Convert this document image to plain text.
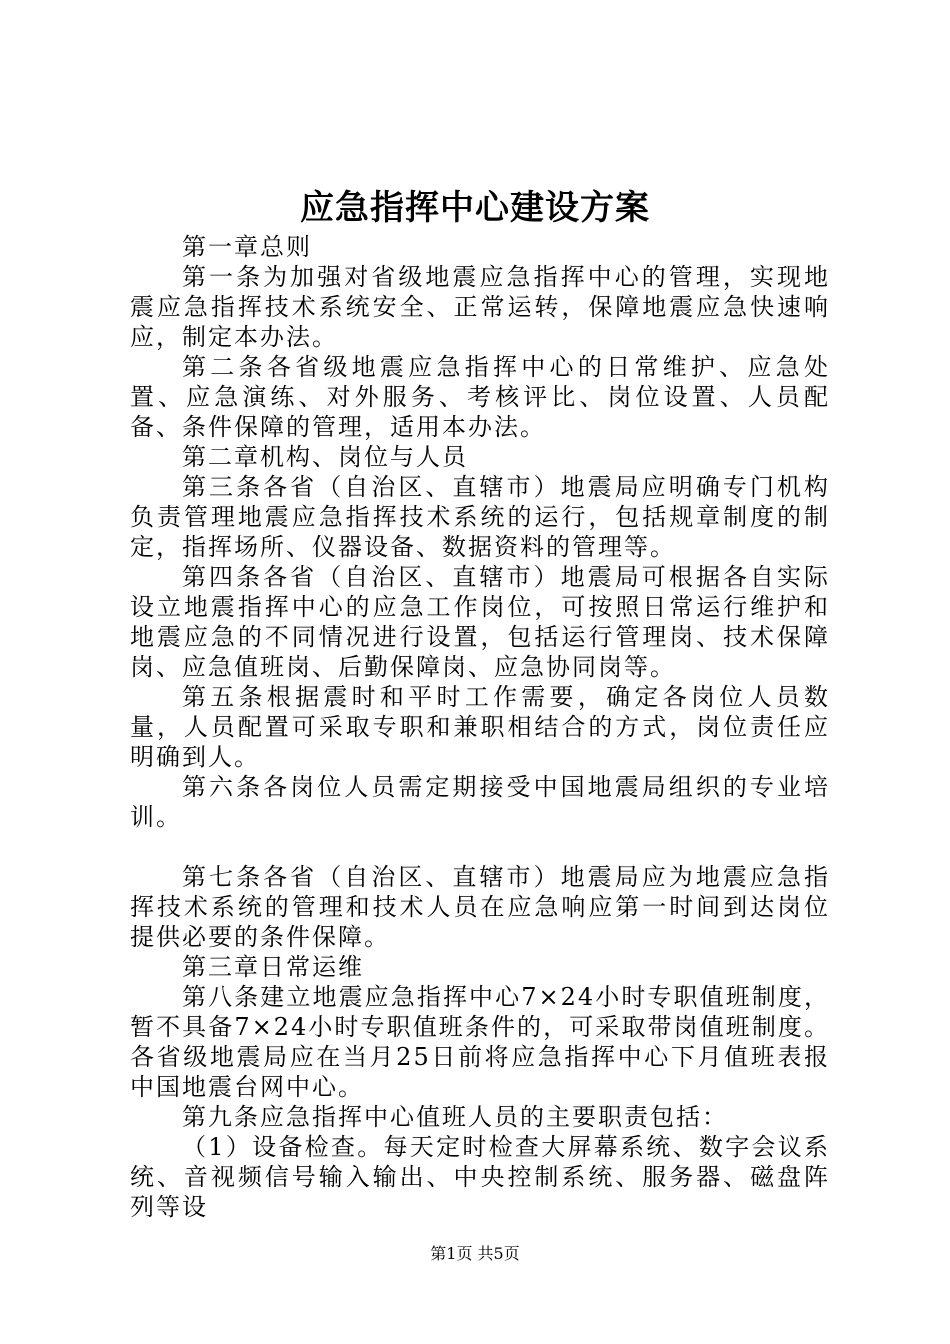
应急指挥中心建设方案

第一章总则

第一条为加强对省级地震应急指挥中心的管理，实现地震应急指挥技术系统安全、正常运转，保障地震应急快速响应，制定本办法。

第二条各省级地震应急指挥中心的日常维护、应急处置、应急演练、对外服务、考核评比、岗位设置、人员配备、条件保障的管理，适用本办法。

第二章机构、岗位与人员

第三条各省（自治区、直辖市）地震局应明确专门机构负责管理地震应急指挥技术系统的运行，包括规章制度的制定，指挥场所、仪器设备、数据资料的管理等。

第四条各省（自治区、直辖市）地震局可根据各自实际设立地震指挥中心的应急工作岗位，可按照日常运行维护和地震应急的不同情况进行设置，包括运行管理岗、技术保障岗、应急值班岗、后勤保障岗、应急协同岗等。

第五条根据震时和平时工作需要，确定各岗位人员数量，人员配置可采取专职和兼职相结合的方式，岗位责任应明确到人。

第六条各岗位人员需定期接受中国地震局组织的专业培训。

第七条各省（自治区、直辖市）地震局应为地震应急指挥技术系统的管理和技术人员在应急响应第一时间到达岗位提供必要的条件保障。

第三章日常运维

第八条建立地震应急指挥中心7×24小时专职值班制度，暂不具备7×24小时专职值班条件的，可采取带岗值班制度。各省级地震局应在当月25日前将应急指挥中心下月值班表报中国地震台网中心。

第九条应急指挥中心值班人员的主要职责包括：

（1）设备检查。每天定时检查大屏幕系统、数字会议系统、音视频信号输入输出、中央控制系统、服务器、磁盘阵列等设

第1页 共5页
